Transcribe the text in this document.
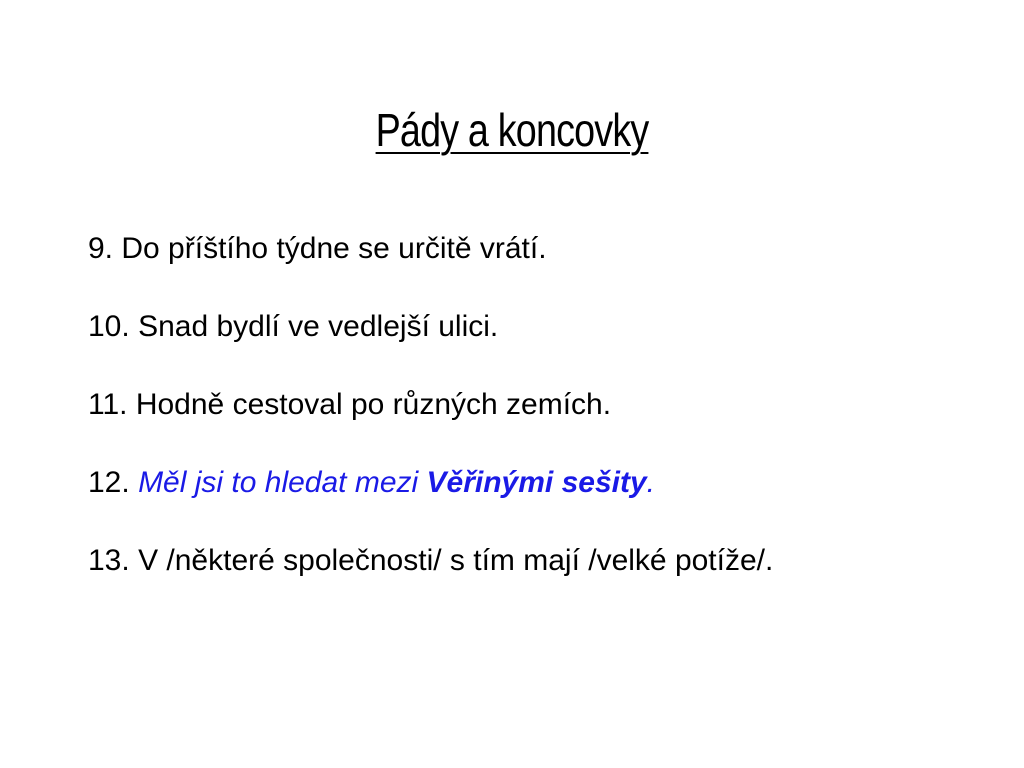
Pády a koncovky
9. Do příštího týdne se určitě vrátí.
10. Snad bydlí ve vedlejší ulici.
11. Hodně cestoval po různých zemích.
12. Měl jsi to hledat mezi Věřinými sešity.
13. V /některé společnosti/ s tím mají /velké potíže/.
